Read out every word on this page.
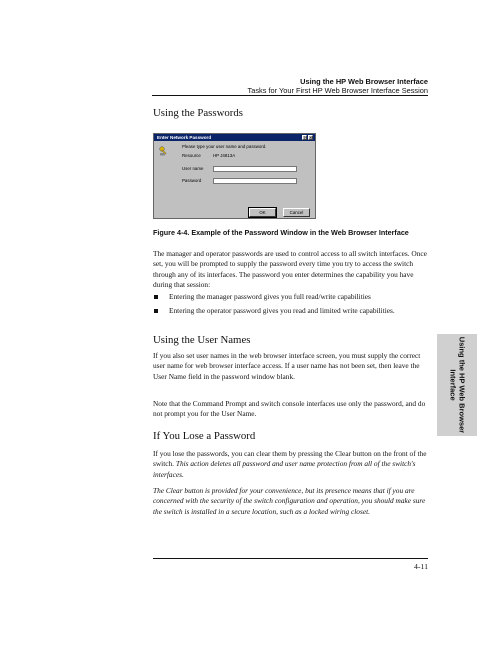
Using the HP Web Browser Interface
Tasks for Your First HP Web Browser Interface Session
Using the Passwords
Enter Network Password	? ✕
Please type your user name and password.
Resource	HP J4813A
User name
Password
OK	Cancel
Figure 4-4. Example of the Password Window in the Web Browser Interface

The manager and operator passwords are used to control access to all switch interfaces. Once set, you will be prompted to supply the password every time you try to access the switch through any of its interfaces. The password you enter determines the capability you have during that session:

Entering the manager password gives you full read/write capabilities
Entering the operator password gives you read and limited write capabilities.
Using the User Names

If you also set user names in the web browser interface screen, you must supply the correct user name for web browser interface access. If a user name has not been set, then leave the User Name field in the password window blank.

Note that the Command Prompt and switch console interfaces use only the password, and do not prompt you for the User Name.

If You Lose a Password

If you lose the passwords, you can clear them by pressing the Clear button on the front of the switch. This action deletes all password and user name protection from all of the switch's interfaces.

The Clear button is provided for your convenience, but its presence means that if you are concerned with the security of the switch configuration and operation, you should make sure the switch is installed in a secure location, such as a locked wiring closet.

Using the HP Web Browser
Interface
4-11
